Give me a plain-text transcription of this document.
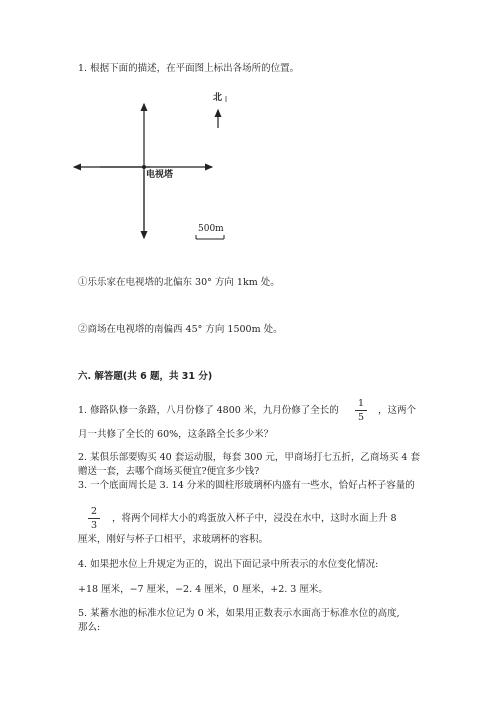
1. 根据下面的描述，在平面图上标出各场所的位置。
北
电视塔
500m
①乐乐家在电视塔的北偏东 30° 方向 1km 处。
②商场在电视塔的南偏西 45° 方向 1500m 处。
六. 解答题(共 6 题，共 31 分)
1. 修路队修一条路，八月份修了 4800 米，九月份修了全长的
1
5
，这两个
月一共修了全长的 60%，这条路全长多少米？
2. 某俱乐部要购买 40 套运动服，每套 300 元，甲商场打七五折，乙商场买 4 套
赠送一套，去哪个商场买便宜?便宜多少钱?
3. 一个底面周长是 3. 14 分米的圆柱形玻璃杯内盛有一些水，恰好占杯子容量的
2
3
，将两个同样大小的鸡蛋放入杯子中，浸没在水中，这时水面上升 8
厘米，刚好与杯子口相平，求玻璃杯的容积。
4. 如果把水位上升规定为正的，说出下面记录中所表示的水位变化情况:
+18 厘米，−7 厘米，−2. 4 厘米，0 厘米，+2. 3 厘米。
5. 某蓄水池的标准水位记为 0 米，如果用正数表示水面高于标准水位的高度,
那么:
